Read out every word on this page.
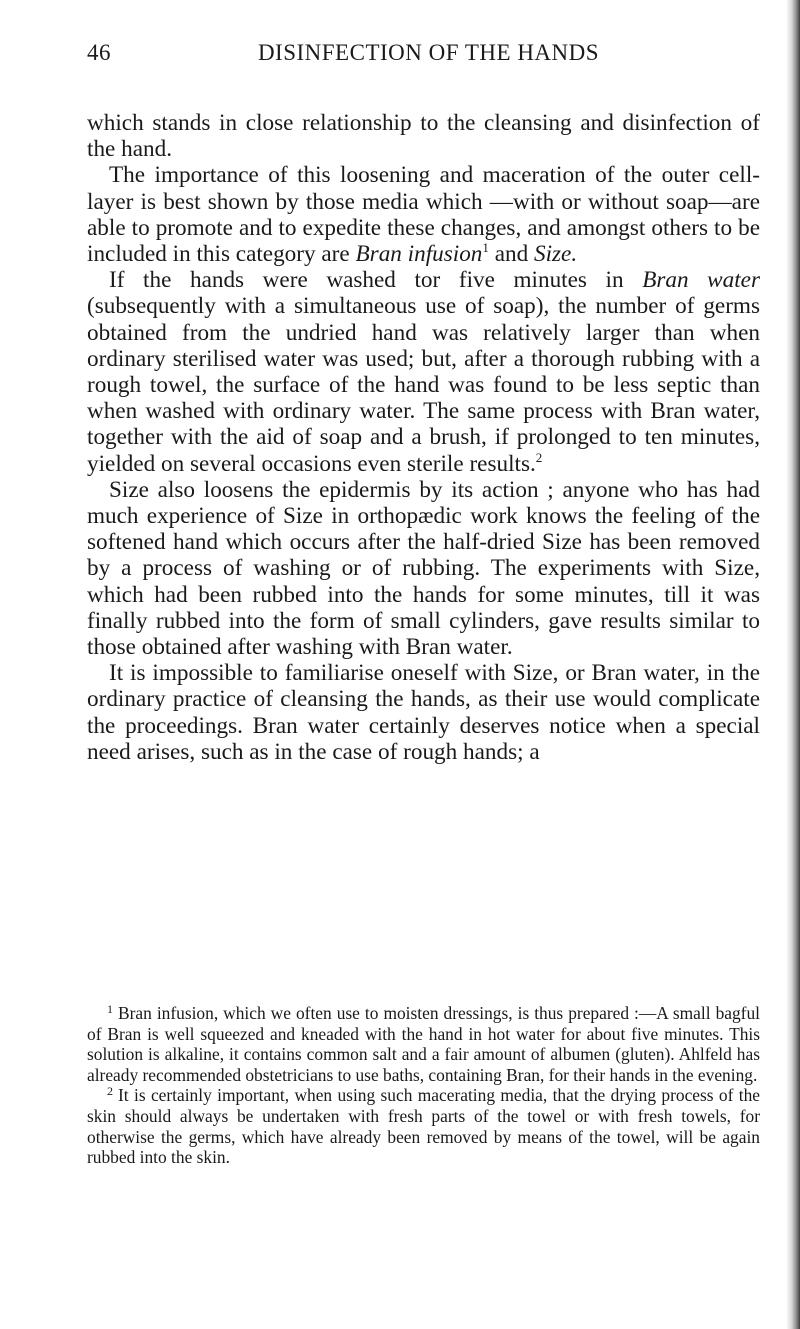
46	DISINFECTION OF THE HANDS

which stands in close relationship to the cleansing and disinfection of the hand.

The importance of this loosening and maceration of the outer cell-layer is best shown by those media which —with or without soap—are able to promote and to expedite these changes, and amongst others to be included in this category are Bran infusion$^1$ and Size.

If the hands were washed tor five minutes in Bran water (subsequently with a simultaneous use of soap), the number of germs obtained from the undried hand was relatively larger than when ordinary sterilised water was used; but, after a thorough rubbing with a rough towel, the surface of the hand was found to be less septic than when washed with ordinary water. The same process with Bran water, together with the aid of soap and a brush, if prolonged to ten minutes, yielded on several occasions even sterile results.$^2$

Size also loosens the epidermis by its action ; anyone who has had much experience of Size in orthopædic work knows the feeling of the softened hand which occurs after the half-dried Size has been removed by a process of washing or of rubbing. The experiments with Size, which had been rubbed into the hands for some minutes, till it was finally rubbed into the form of small cylinders, gave results similar to those obtained after washing with Bran water.

It is impossible to familiarise oneself with Size, or Bran water, in the ordinary practice of cleansing the hands, as their use would complicate the proceedings. Bran water certainly deserves notice when a special need arises, such as in the case of rough hands; a

$^1$ Bran infusion, which we often use to moisten dressings, is thus prepared :—A small bagful of Bran is well squeezed and kneaded with the hand in hot water for about five minutes. This solution is alkaline, it contains common salt and a fair amount of albumen (gluten). Ahlfeld has already recommended obstetricians to use baths, containing Bran, for their hands in the evening.

$^2$ It is certainly important, when using such macerating media, that the drying process of the skin should always be undertaken with fresh parts of the towel or with fresh towels, for otherwise the germs, which have already been removed by means of the towel, will be again rubbed into the skin.
